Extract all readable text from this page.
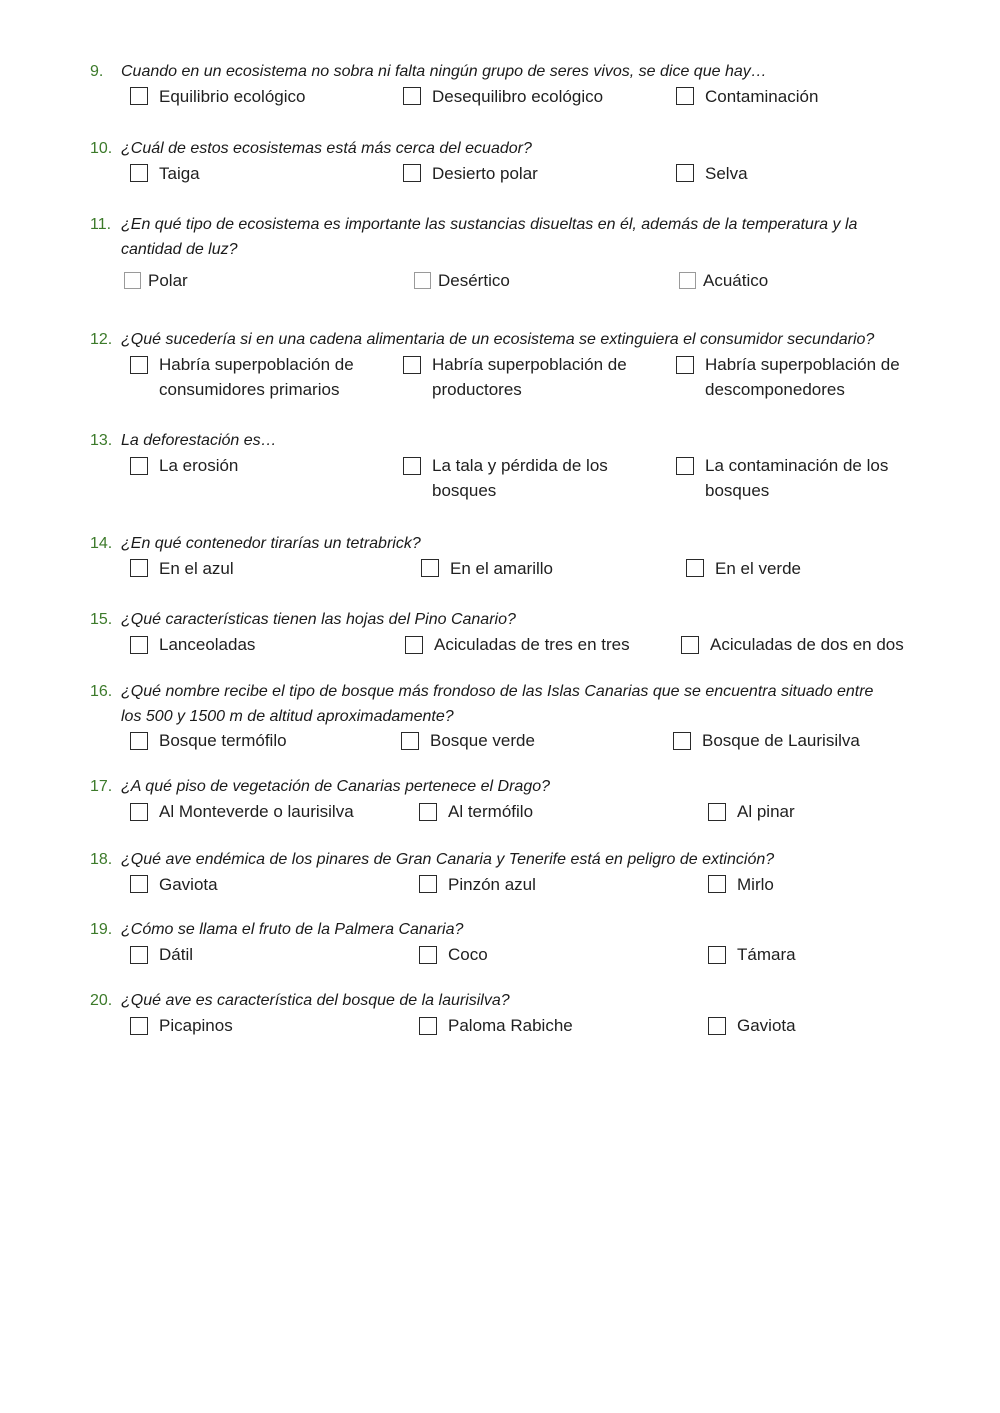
9. Cuando en un ecosistema no sobra ni falta ningún grupo de seres vivos, se dice que hay…
Equilibrio ecológico	Desequilibro ecológico	Contaminación
10. ¿Cuál de estos ecosistemas está más cerca del ecuador?
Taiga	Desierto polar	Selva
11. ¿En qué tipo de ecosistema es importante las sustancias disueltas en él, además de la temperatura y la
cantidad de luz?
Polar	Desértico	Acuático
12. ¿Qué sucedería si en una cadena alimentaria de un ecosistema se extinguiera el consumidor secundario?
Habría superpoblación de
consumidores primarios
Habría superpoblación de
productores
Habría superpoblación de
descomponedores
13. La deforestación es…
La erosión	La tala y pérdida de los
bosques
La contaminación de los
bosques
14. ¿En qué contenedor tirarías un tetrabrick?
En el azul	En el amarillo	En el verde
15. ¿Qué características tienen las hojas del Pino Canario?
Lanceoladas	Aciculadas de tres en tres	Aciculadas de dos en dos
16. ¿Qué nombre recibe el tipo de bosque más frondoso de las Islas Canarias que se encuentra situado entre
los 500 y 1500 m de altitud aproximadamente?
Bosque termófilo	Bosque verde	Bosque de Laurisilva
17. ¿A qué piso de vegetación de Canarias pertenece el Drago?
Al Monteverde o laurisilva	Al termófilo	Al pinar
18. ¿Qué ave endémica de los pinares de Gran Canaria y Tenerife está en peligro de extinción?
Gaviota	Pinzón azul	Mirlo
19. ¿Cómo se llama el fruto de la Palmera Canaria?
Dátil	Coco	Támara
20. ¿Qué ave es característica del bosque de la laurisilva?
Picapinos	Paloma Rabiche	Gaviota
